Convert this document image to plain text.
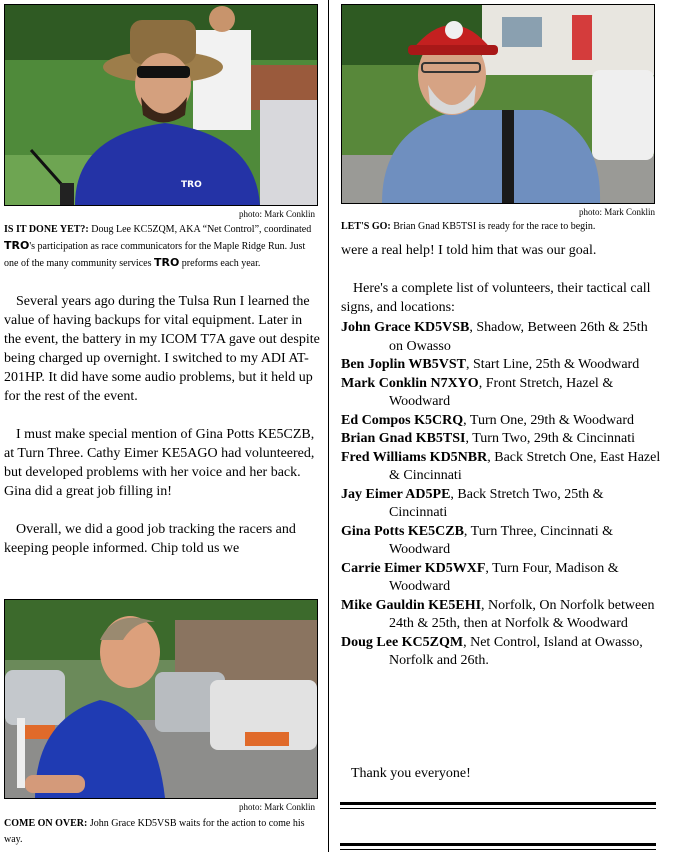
TRO
photo: Mark Conklin
IS IT DONE YET?: Doug Lee KC5ZQM, AKA “Net Control”, coordinated TRO's participation as race communicators for the Maple Ridge Run. Just one of the many community services TRO preforms each year.

Several years ago during the Tulsa Run I learned the value of having backups for vital equipment. Later in the event, the battery in my ICOM T7A gave out despite being charged up overnight. I switched to my ADI AT-201HP. It did have some audio problems, but it held up for the rest of the event.

I must make special mention of Gina Potts KE5CZB, at Turn Three. Cathy Eimer KE5AGO had volunteered, but developed problems with her voice and her back. Gina did a great job filling in!

Overall, we did a good job tracking the racers and keeping people informed. Chip told us we

photo: Mark Conklin
LET'S GO: Brian Gnad KB5TSI is ready for the race to begin.

were a real help! I told him that was our goal.

Here's a complete list of volunteers, their tactical call signs, and locations:

John Grace KD5VSB, Shadow, Between 26th & 25th on Owasso
Ben Joplin WB5VST, Start Line, 25th & Woodward
Mark Conklin N7XYO, Front Stretch, Hazel & Woodward
Ed Compos K5CRQ, Turn One, 29th & Woodward
Brian Gnad KB5TSI, Turn Two, 29th & Cincinnati
Fred Williams KD5NBR, Back Stretch One, East Hazel & Cincinnati
Jay Eimer AD5PE, Back Stretch Two, 25th & Cincinnati
Gina Potts KE5CZB, Turn Three, Cincinnati & Woodward
Carrie Eimer KD5WXF, Turn Four, Madison & Woodward
Mike Gauldin KE5EHI, Norfolk, On Norfolk between 24th & 25th, then at Norfolk & Woodward
Doug Lee KC5ZQM, Net Control, Island at Owasso, Norfolk and 26th.
Thank you everyone!
photo: Mark Conklin
COME ON OVER: John Grace KD5VSB waits for the action to come his way.
